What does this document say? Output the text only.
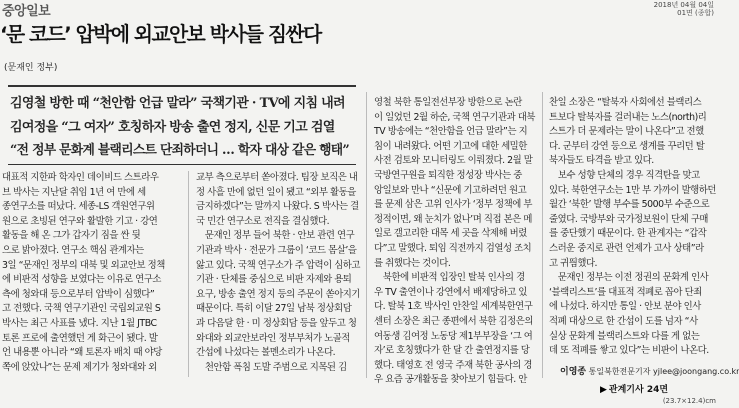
중앙일보	2018년 04월 04일
01면 (종합)
‘문 코드’ 압박에 외교안보 박사들 짐싼다
(문재인 정부)
김영철 방한 때 “천안함 언급 말라” 국책기관 · TV에 지침 내려
김여정을 “그 여자” 호칭하자 방송 출연 정지, 신문 기고 검열
“전 정부 문화계 블랙리스트 단죄하더니 … 학자 대상 같은 행태”
대표적 지한파 학자인 데이비드 스트라우
브 박사는 지난달 취임 1년 여 만에 세
종연구소를 떠났다. 세종-LS 객원연구위
원으로 초빙된 연구와 활발한 기고 · 강연
활동을 해 온 그가 갑자기 짐을 싼 뒷
으로 밝아졌다. 연구소 핵심 관계자는
3일 “문재인 정부의 대북 및 외교안보 정책
에 비판적 성향을 보였다는 이유로 연구소
측에 청와대 등으로부터 압박이 심했다”
고 전했다. 국책 연구기관인 국립외교원 S
박사는 최근 사표를 냈다. 지난 1월 JTBC
토론 프로에 출연했던 게 화근이 됐다. 발
언 내용뿐 아니라 “왜 토론자 배치 때 야당
쪽에 앉았나”는 문제 제기가 청와대와 외
교부 측으로부터 쏟아졌다. 팀장 보직은 내
정 사흘 만에 없던 일이 됐고 “외부 활동을
금지하겠다”는 말까지 나왔다. S 박사는 결
국 민간 연구소로 전직을 결심했다.
　문재인 정부 들어 북한 · 안보 관련 연구
기관과 박사 · 전문가 그룹이 ‘코드 몸살’을
앓고 있다. 국책 연구소가 주 압력이 심하고
기관 · 단체를 중심으로 비판 자제와 용퇴
요구, 방송 출연 정지 등의 주문이 쏟아지기
때문이다. 특히 이달 27일 남북 정상회담
과 다음달 한 · 미 정상회담 등을 앞두고 청
와대와 외교안보라인 정부부처가 노골적
간섭에 나섰다는 볼멘소리가 나온다.
　천안함 폭침 도발 주범으로 지목된 김
영철 북한 통일전선부장 방한으로 논란
이 일었던 2월 하순, 국책 연구기관과 대북
TV 방송에는 “천안함을 언급 말라”는 지
침이 내려왔다. 어떤 기고에 대한 세밀한
사전 검토와 모니터링도 이뤄졌다. 2월 말
국방연구원을 퇴직한 정성장 박사는 중
앙일보와 만나 “신문에 기고하려던 원고
를 문제 삼은 고위 인사가 ‘정부 정책에 부
정적이면, 왜 눈치가 없나’며 직접 본은 메
일로 갤고리한 대목 세 곳을 삭제해 버렸
다”고 말했다. 퇴임 직전까지 검열성 조치
를 취했다는 것이다.
　북한에 비판적 입장인 탈북 인사의 경
우 TV 출연이나 강연에서 배제당하고 있
다. 탈북 1호 박사인 안찬일 세계북한연구
센터 소장은 최근 종편에서 북한 김정은의
여동생 김여정 노동당 제1부부장을 ‘그 여
자’로 호칭했다가 한 달 간 출연정지를 당
했다. 태영호 전 영국 주재 북한 공사의 경
우 요즘 공개활동을 찾아보기 힘들다. 안
찬일 소장은 “탈북자 사회에선 블랙리스
트보다 탈북자를 걸러내는 노스(north)리
스트가 더 문제라는 말이 나온다”고 전했
다. 군부터 강연 등으로 생계를 꾸리던 탈
북자들도 타격을 받고 있다.
　보수 성향 단체의 경우 직격탄을 맞고
있다. 북한연구소는 1만 부 가까이 발행하던
월간 ‘북한’ 발행 부수를 5000부 수준으로
줄였다. 국방부와 국가정보원이 단체 구매
를 중단했기 때문이다. 한 관계자는 “갑작
스러운 중지로 관련 언제가 고사 상태”라
고 귀띔했다.
　문재인 정부는 이전 정권의 문화계 인사
‘블랙리스트’를 대표적 적폐로 꼽아 단죄
에 나섰다. 하지만 통일 · 안보 분야 인사
적폐 대상으로 한 간섭이 도를 넘자 “사
실상 문화계 블랙리스트와 다를 게 없는
데 또 적폐를 쌓고 있다”는 비판이 나온다.
이영종 통일북한전문기자 yjlee@joongang.co.kr
▶ 관계기사 24면
(23.7×12.4)cm
